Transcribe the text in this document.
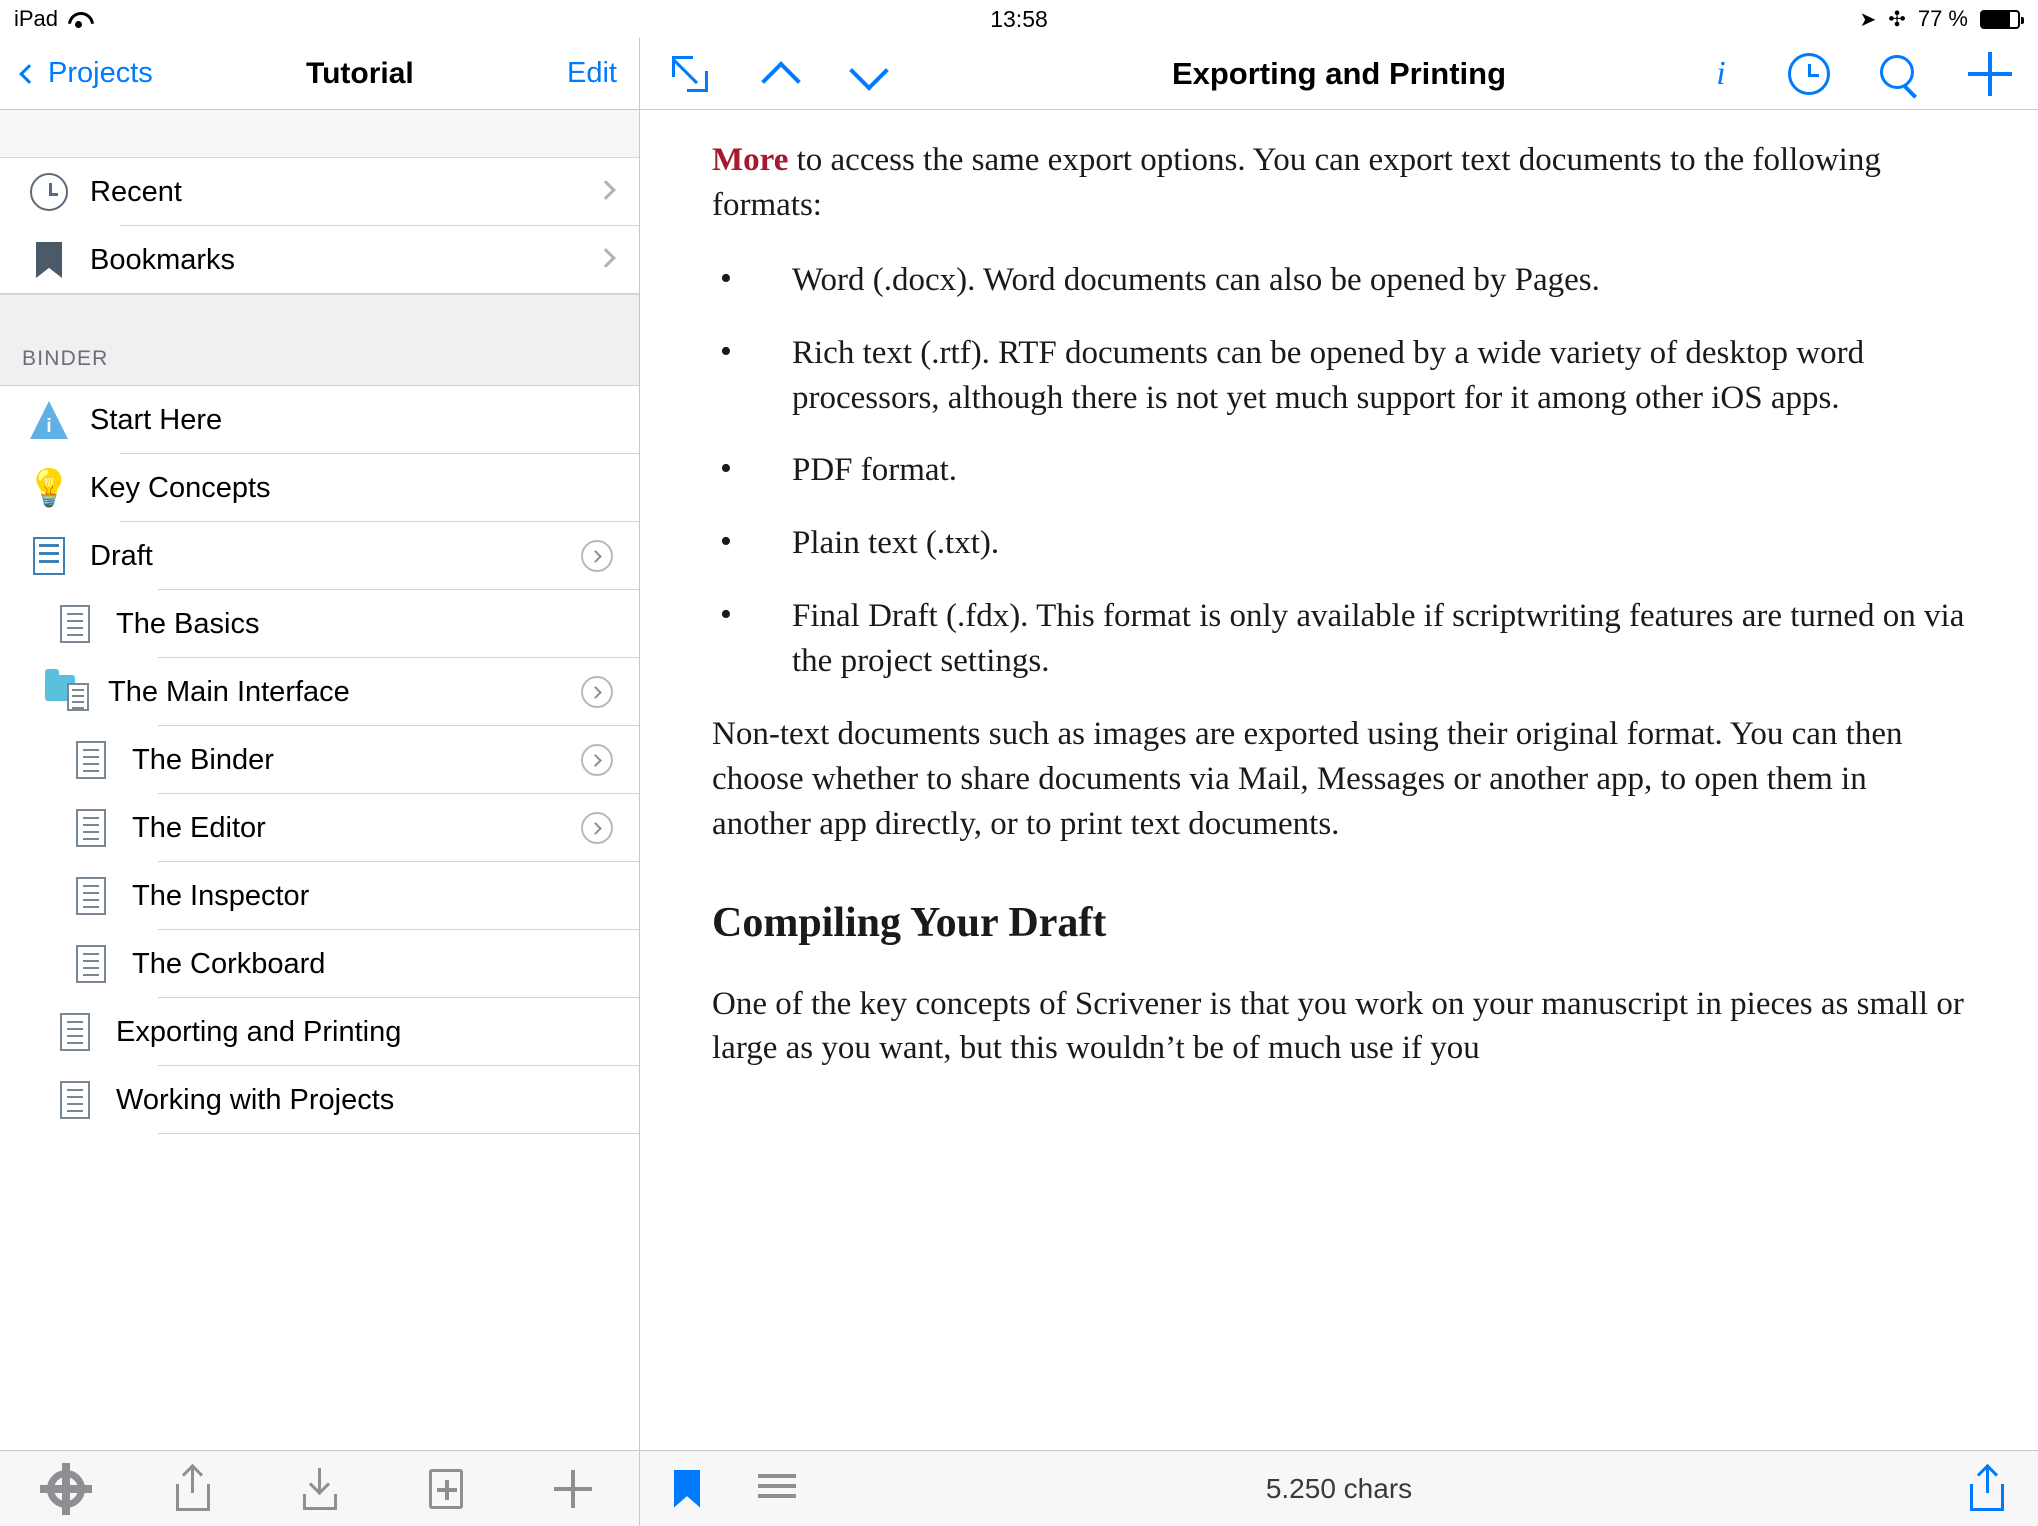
iPad	13:58	➤ ✣ 77 %
Projects	Tutorial	Edit
Recent
Bookmarks
BINDER
i
Start Here
💡 Key Concepts
Draft
The Basics
The Main Interface
The Binder
The Editor
The Inspector
The Corkboard
Exporting and Printing
Working with Projects
Exporting and Printing	i

More to access the same export options. You can export text documents to the following formats:

• Word (.docx). Word documents can also be opened by Pages.
• Rich text (.rtf). RTF documents can be opened by a wide variety of desktop word processors, although there is not yet much support for it among other iOS apps.
• PDF format.
• Plain text (.txt).
• Final Draft (.fdx). This format is only available if scriptwriting features are turned on via the project settings.

Non-text documents such as images are exported using their original format. You can then choose whether to share documents via Mail, Messages or another app, to open them in another app directly, or to print text documents.

Compiling Your Draft

One of the key concepts of Scrivener is that you work on your manuscript in pieces as small or large as you want, but this wouldn’t be of much use if you

5.250 chars
